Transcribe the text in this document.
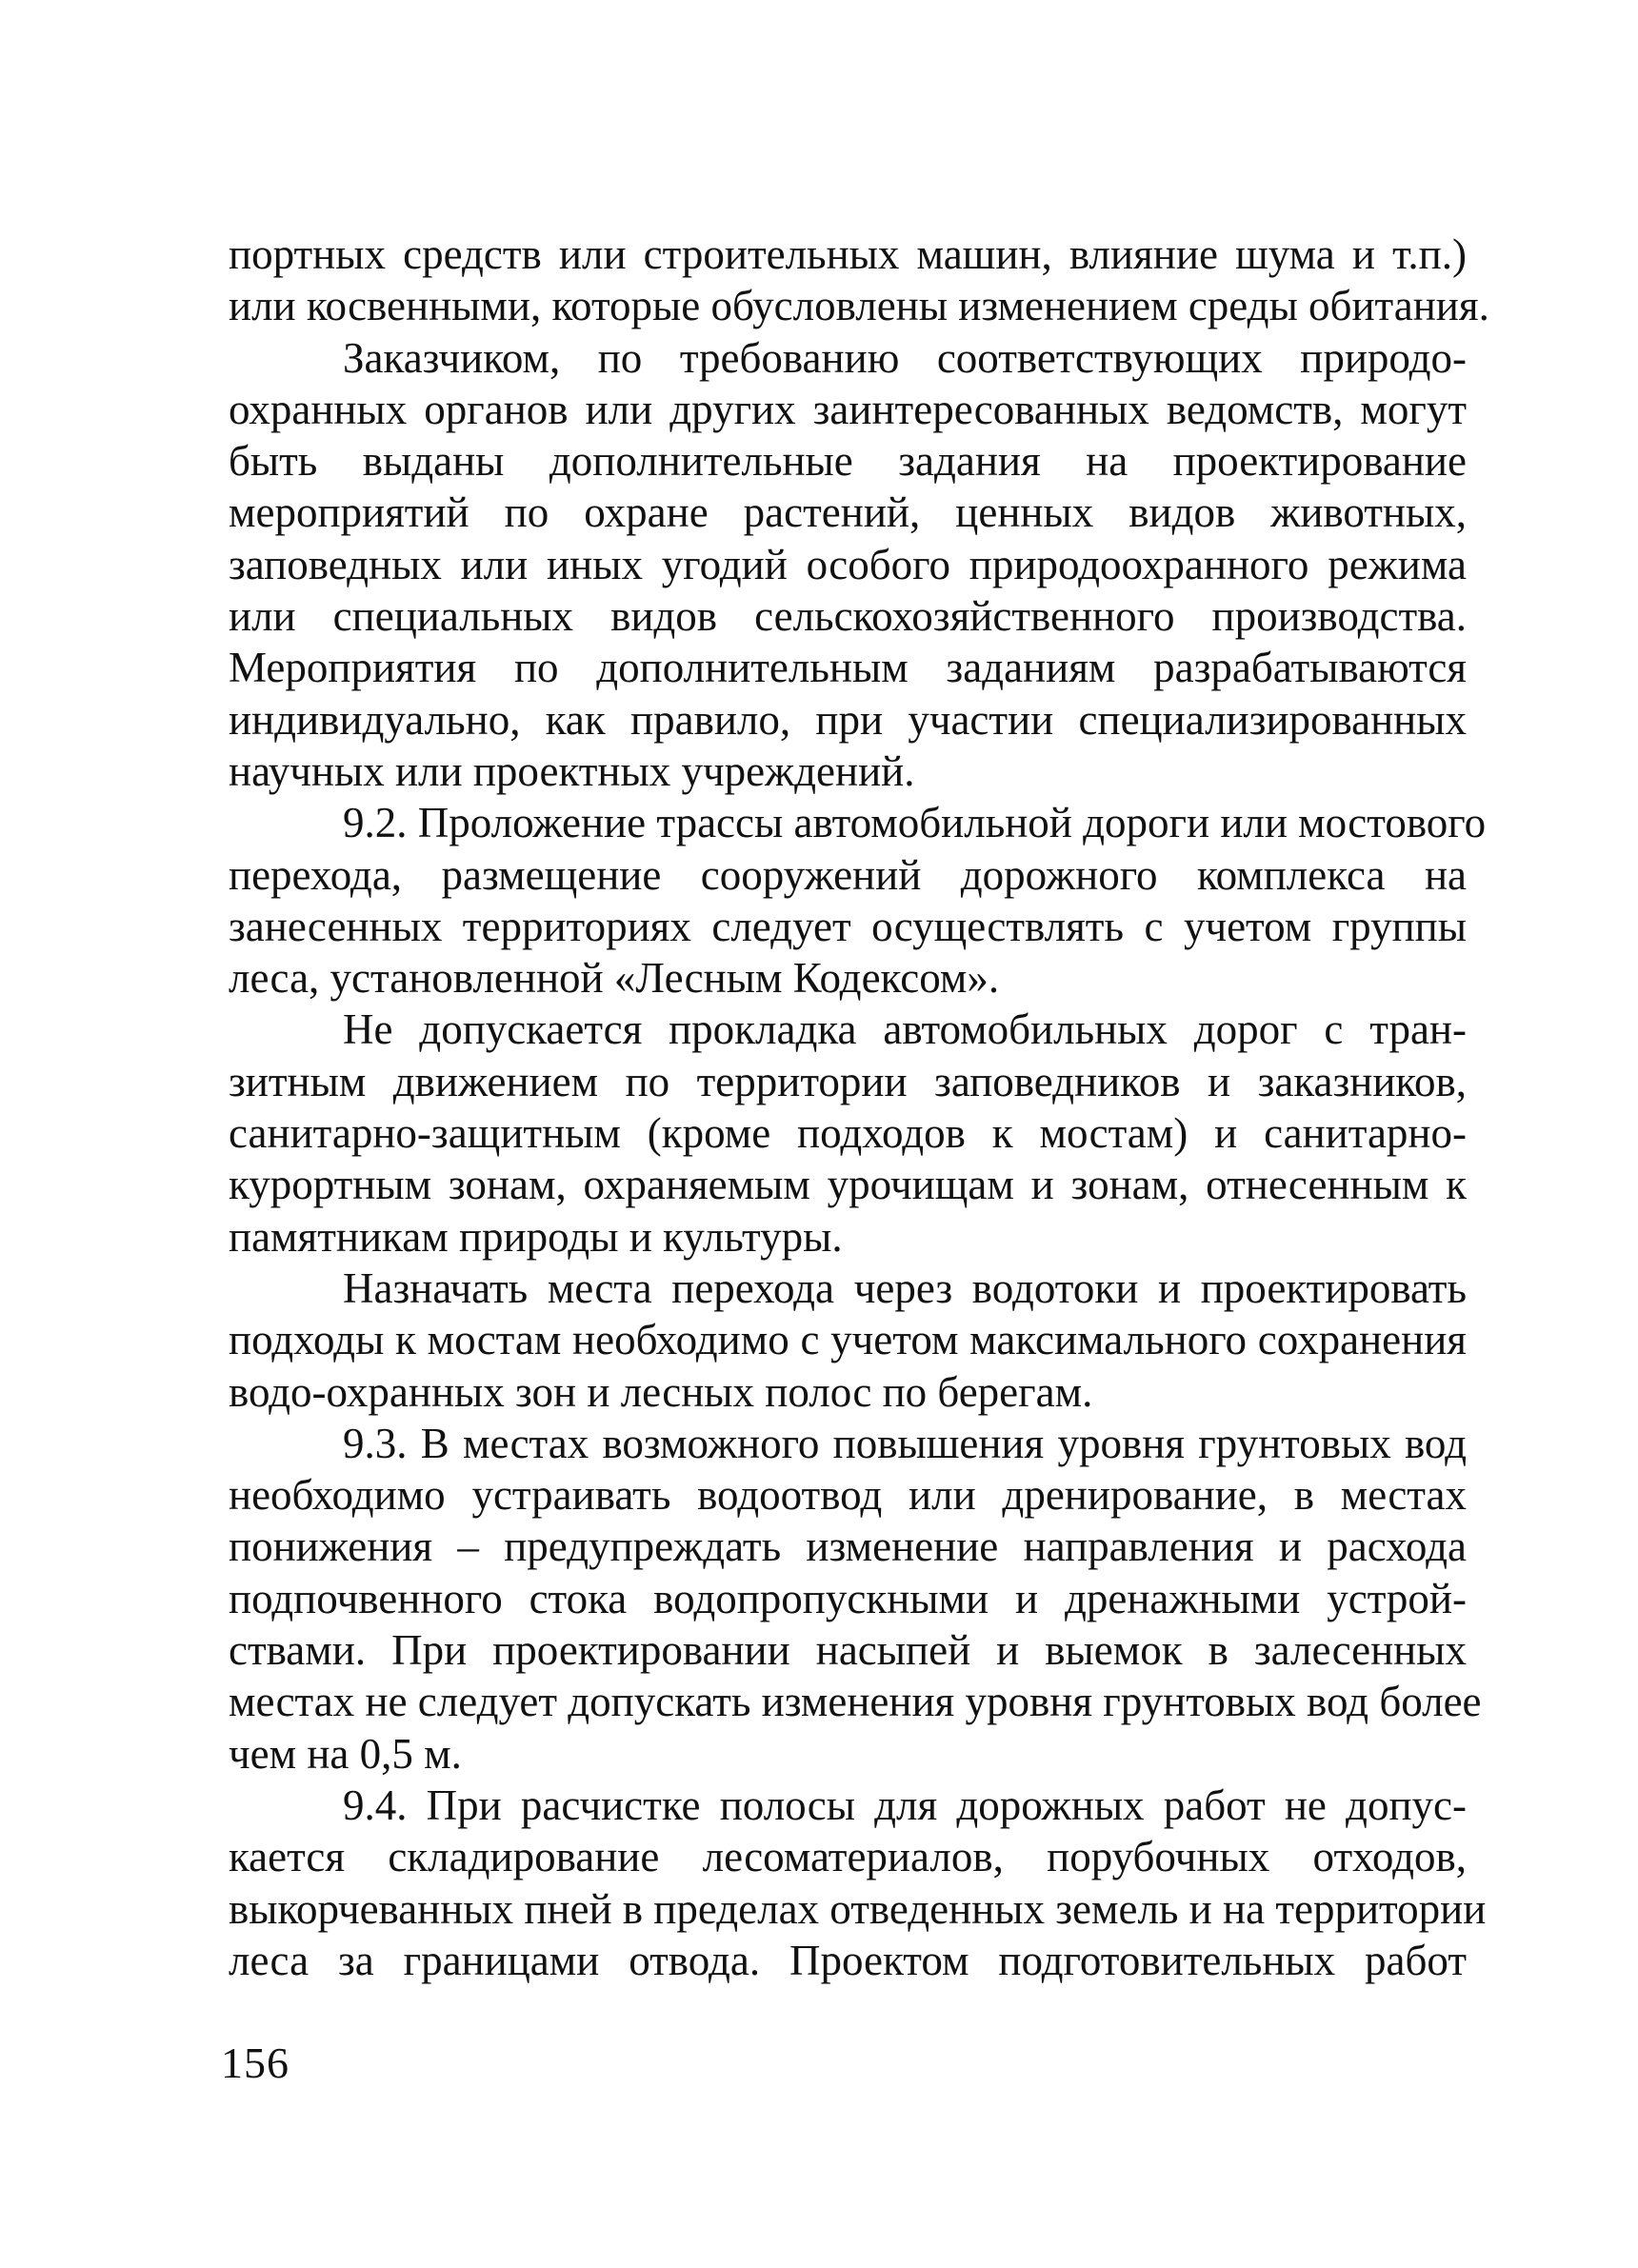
портных средств или строительных машин, влияние шума и т.п.)
или косвенными, которые обусловлены изменением среды обитания.
Заказчиком, по требованию соответствующих природо-
охранных органов или других заинтересованных ведомств, могут
быть выданы дополнительные задания на проектирование
мероприятий по охране растений, ценных видов животных,
заповедных или иных угодий особого природоохранного режима
или специальных видов сельскохозяйственного производства.
Мероприятия по дополнительным заданиям разрабатываются
индивидуально, как правило, при участии специализированных
научных или проектных учреждений.
9.2. Проложение трассы автомобильной дороги или мостового
перехода, размещение сооружений дорожного комплекса на
занесенных территориях следует осуществлять с учетом группы
леса, установленной «Лесным Кодексом».
Не допускается прокладка автомобильных дорог с тран-
зитным движением по территории заповедников и заказников,
санитарно-защитным (кроме подходов к мостам) и санитарно-
курортным зонам, охраняемым урочищам и зонам, отнесенным к
памятникам природы и культуры.
Назначать места перехода через водотоки и проектировать
подходы к мостам необходимо с учетом максимального сохранения
водо-охранных зон и лесных полос по берегам.
9.3. В местах возможного повышения уровня грунтовых вод
необходимо устраивать водоотвод или дренирование, в местах
понижения – предупреждать изменение направления и расхода
подпочвенного стока водопропускными и дренажными устрой-
ствами. При проектировании насыпей и выемок в залесенных
местах не следует допускать изменения уровня грунтовых вод более
чем на 0,5 м.
9.4. При расчистке полосы для дорожных работ не допус-
кается складирование лесоматериалов, порубочных отходов,
выкорчеванных пней в пределах отведенных земель и на территории
леса за границами отвода. Проектом подготовительных работ
156
